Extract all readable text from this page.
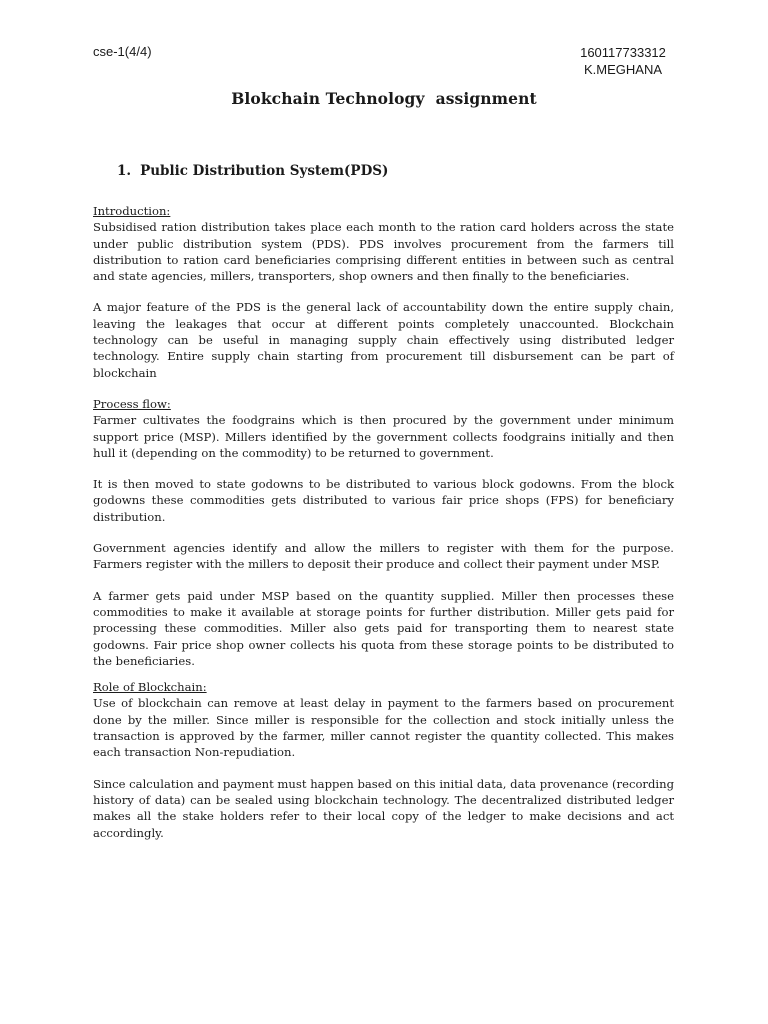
cse-1(4/4)	160117733312
K.MEGHANA
Blokchain Technology  assignment
1. Public Distribution System(PDS)

Introduction:

Subsidised ration distribution takes place each month to the ration card holders across the state under public distribution system (PDS). PDS involves procurement from the farmers till distribution to ration card beneficiaries comprising different entities in between such as central and state agencies, millers, transporters, shop owners and then finally to the beneficiaries.

A major feature of the PDS is the general lack of accountability down the entire supply chain, leaving the leakages that occur at different points completely unaccounted. Blockchain technology can be useful in managing supply chain effectively using distributed ledger technology. Entire supply chain starting from procurement till disbursement can be part of blockchain

Process flow:

Farmer cultivates the foodgrains which is then procured by the government under minimum support price (MSP). Millers identified by the government collects foodgrains initially and then hull it (depending on the commodity) to be returned to government.

It is then moved to state godowns to be distributed to various block godowns. From the block godowns these commodities gets distributed to various fair price shops (FPS) for beneficiary distribution.

Government agencies identify and allow the millers to register with them for the purpose. Farmers register with the millers to deposit their produce and collect their payment under MSP.

A farmer gets paid under MSP based on the quantity supplied. Miller then processes these commodities to make it available at storage points for further distribution. Miller gets paid for processing these commodities. Miller also gets paid for transporting them to nearest state godowns. Fair price shop owner collects his quota from these storage points to be distributed to the beneficiaries.

Role of Blockchain:

Use of blockchain can remove at least delay in payment to the farmers based on procurement done by the miller. Since miller is responsible for the collection and stock initially unless the transaction is approved by the farmer, miller cannot register the quantity collected. This makes each transaction Non-repudiation.

Since calculation and payment must happen based on this initial data, data provenance (recording history of data) can be sealed using blockchain technology. The decentralized distributed ledger makes all the stake holders refer to their local copy of the ledger to make decisions and act accordingly.
